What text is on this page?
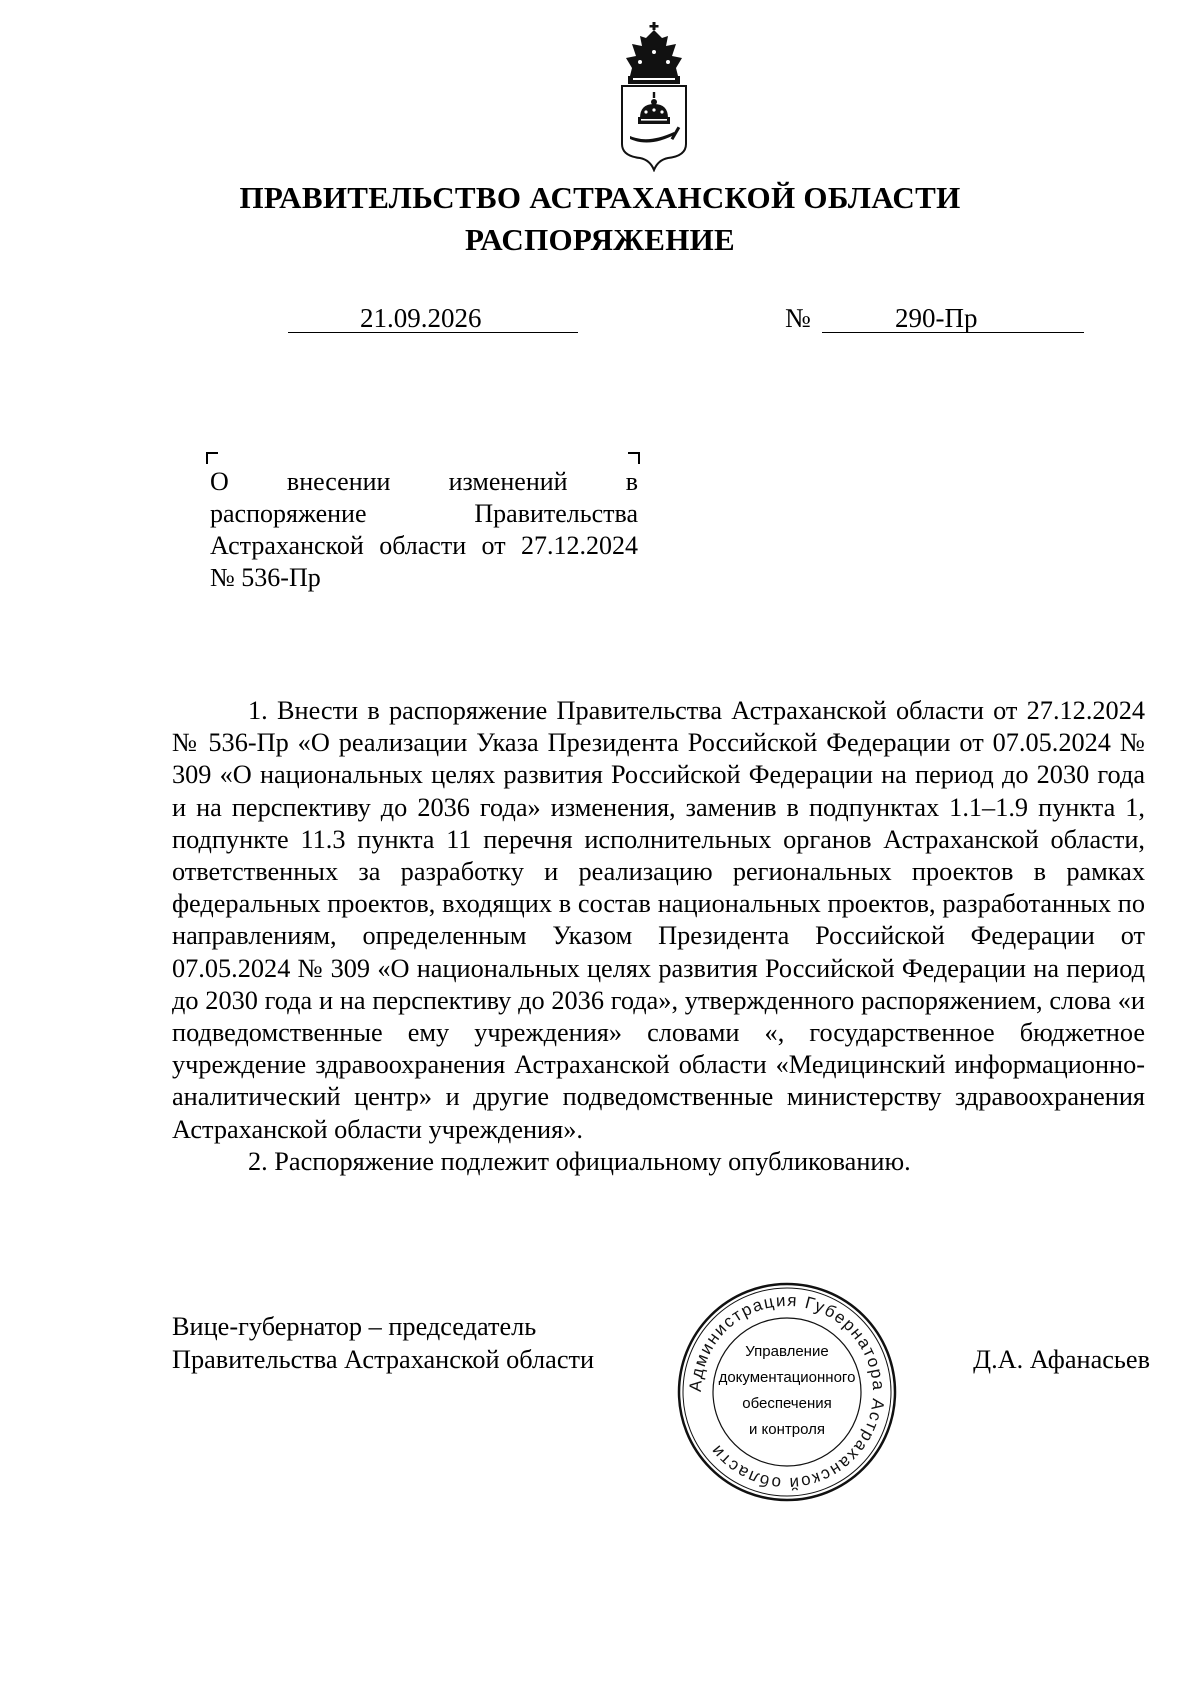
ПРАВИТЕЛЬСТВО АСТРАХАНСКОЙ ОБЛАСТИ
РАСПОРЯЖЕНИЕ
21.09.2026	№	290-Пр
О внесении изменений в распоряжение Правительства Астраханской области от 27.12.2024 № 536-Пр

1. Внести в распоряжение Правительства Астраханской области от 27.12.2024 № 536-Пр «О реализации Указа Президента Российской Федерации от 07.05.2024 № 309 «О национальных целях развития Российской Федерации на период до 2030 года и на перспективу до 2036 года» изменения, заменив в подпунктах 1.1–1.9 пункта 1, подпункте 11.3 пункта 11 перечня исполнительных органов Астраханской области, ответственных за разработку и реализацию региональных проектов в рамках федеральных проектов, входящих в состав национальных проектов, разработанных по направлениям, определенным Указом Президента Российской Федерации от 07.05.2024 № 309 «О национальных целях развития Российской Федерации на период до 2030 года и на перспективу до 2036 года», утвержденного распоряжением, слова «и подведомственные ему учреждения» словами «, государственное бюджетное учреждение здравоохранения Астраханской области «Медицинский информационно-аналитический центр» и другие подведомственные министерству здравоохранения Астраханской области учреждения».

2. Распоряжение подлежит официальному опубликованию.

Вице-губернатор – председатель
Правительства Астраханской области	Д.А. Афанасьев
Администрация Губернатора Астраханской области
Управление
документационного
обеспечения
и контроля
